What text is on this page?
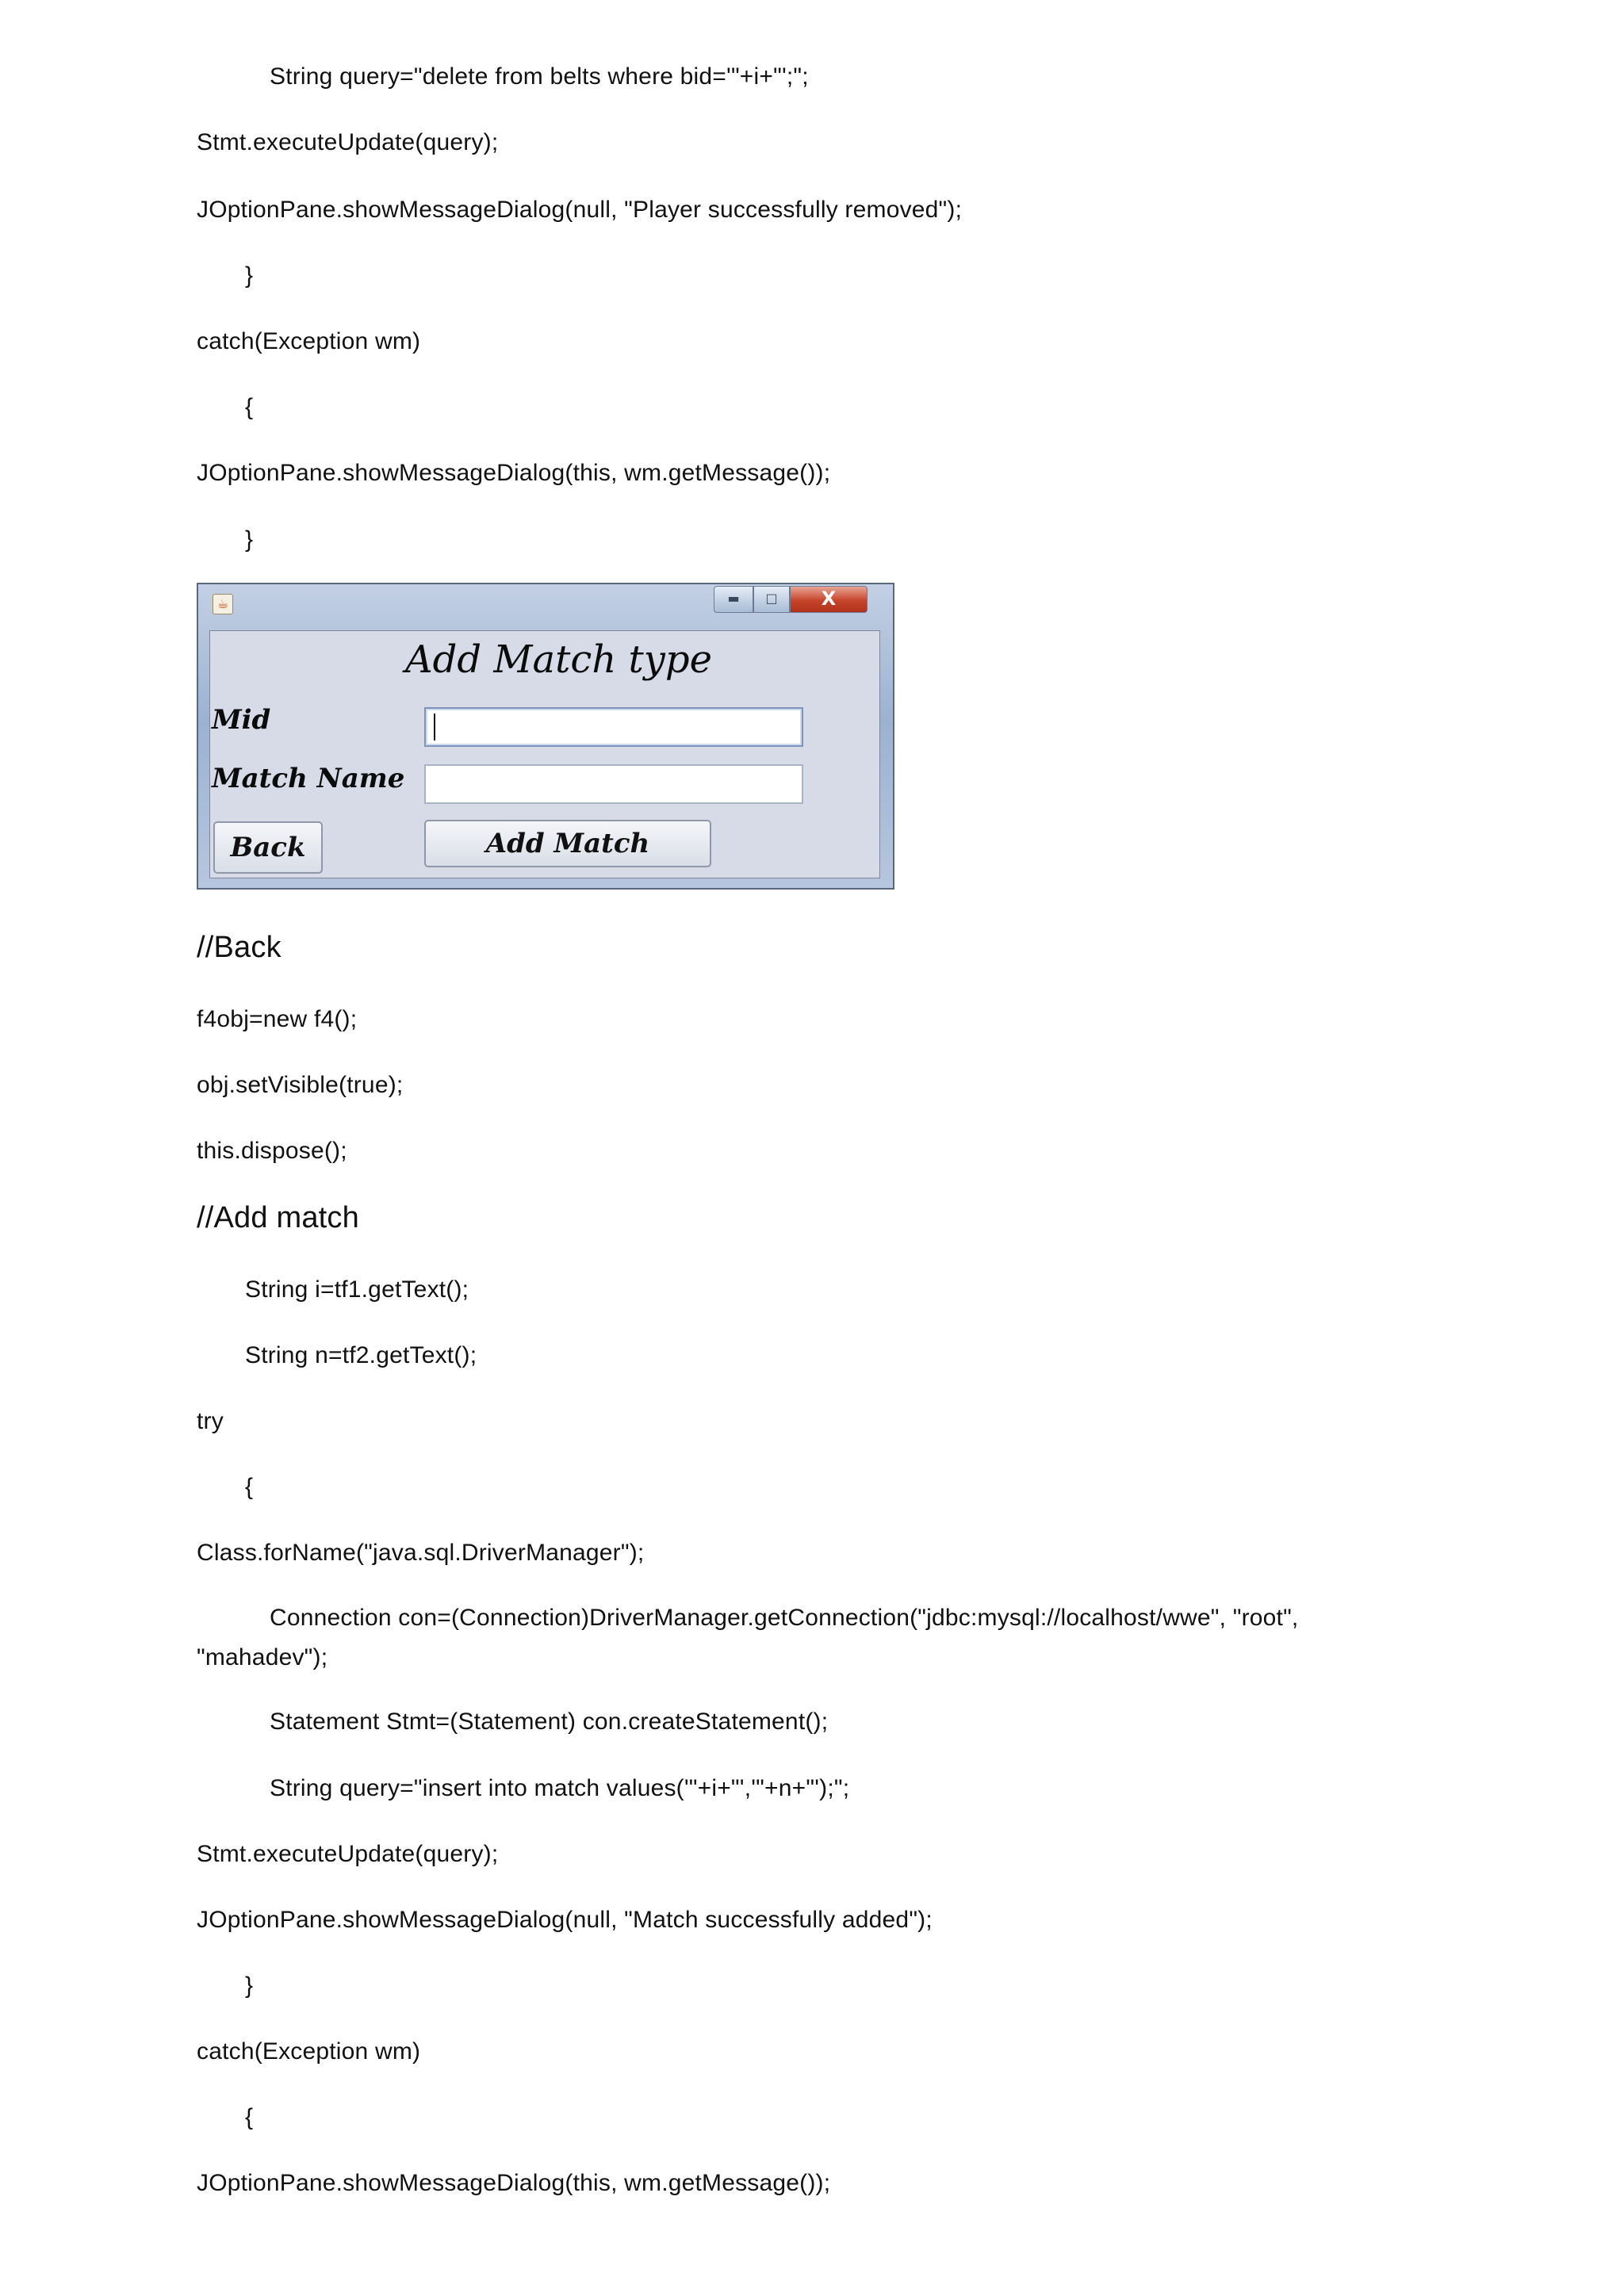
String query="delete from belts where bid='"+i+"';";
Stmt.executeUpdate(query);
JOptionPane.showMessageDialog(null, "Player successfully removed");
}
catch(Exception wm)
{
JOptionPane.showMessageDialog(this, wm.getMessage());
}
☕	▬	□	X
Add Match type
Mid
Match Name
Back	Add Match
//Back
f4obj=new f4();
obj.setVisible(true);
this.dispose();
//Add match
String i=tf1.getText();
String n=tf2.getText();
try
{
Class.forName("java.sql.DriverManager");
Connection con=(Connection)DriverManager.getConnection("jdbc:mysql://localhost/wwe", "root",
"mahadev");
Statement Stmt=(Statement) con.createStatement();
String query="insert into match values('"+i+"','"+n+"');";
Stmt.executeUpdate(query);
JOptionPane.showMessageDialog(null, "Match successfully added");
}
catch(Exception wm)
{
JOptionPane.showMessageDialog(this, wm.getMessage());
